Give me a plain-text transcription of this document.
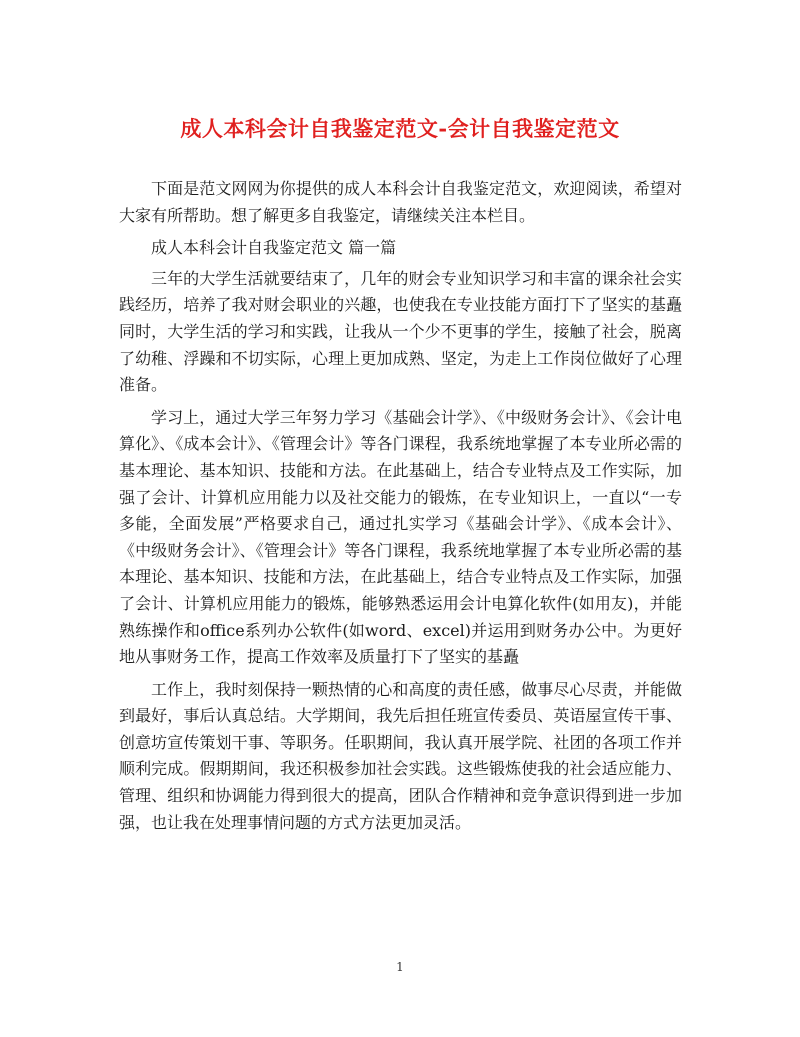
成人本科会计自我鉴定范文-会计自我鉴定范文

下面是范文网网为你提供的成人本科会计自我鉴定范文，欢迎阅读，希望对大家有所帮助。想了解更多自我鉴定，请继续关注本栏目。

成人本科会计自我鉴定范文 篇一篇

三年的大学生活就要结束了，几年的财会专业知识学习和丰富的课余社会实践经历，培养了我对财会职业的兴趣，也使我在专业技能方面打下了坚实的基矗同时，大学生活的学习和实践，让我从一个少不更事的学生，接触了社会，脱离了幼稚、浮躁和不切实际，心理上更加成熟、坚定，为走上工作岗位做好了心理准备。

学习上，通过大学三年努力学习《基础会计学》、《中级财务会计》、《会计电算化》、《成本会计》、《管理会计》等各门课程，我系统地掌握了本专业所必需的基本理论、基本知识、技能和方法。在此基础上，结合专业特点及工作实际，加强了会计、计算机应用能力以及社交能力的锻炼，在专业知识上，一直以“一专多能，全面发展”严格要求自己，通过扎实学习《基础会计学》、《成本会计》、《中级财务会计》、《管理会计》等各门课程，我系统地掌握了本专业所必需的基本理论、基本知识、技能和方法，在此基础上，结合专业特点及工作实际，加强了会计、计算机应用能力的锻炼，能够熟悉运用会计电算化软件(如用友)，并能熟练操作和office系列办公软件(如word、excel)并运用到财务办公中。为更好地从事财务工作，提高工作效率及质量打下了坚实的基矗

工作上，我时刻保持一颗热情的心和高度的责任感，做事尽心尽责，并能做到最好，事后认真总结。大学期间，我先后担任班宣传委员、英语屋宣传干事、创意坊宣传策划干事、等职务。任职期间，我认真开展学院、社团的各项工作并顺利完成。假期期间，我还积极参加社会实践。这些锻炼使我的社会适应能力、管理、组织和协调能力得到很大的提高，团队合作精神和竞争意识得到进一步加强，也让我在处理事情问题的方式方法更加灵活。

1
